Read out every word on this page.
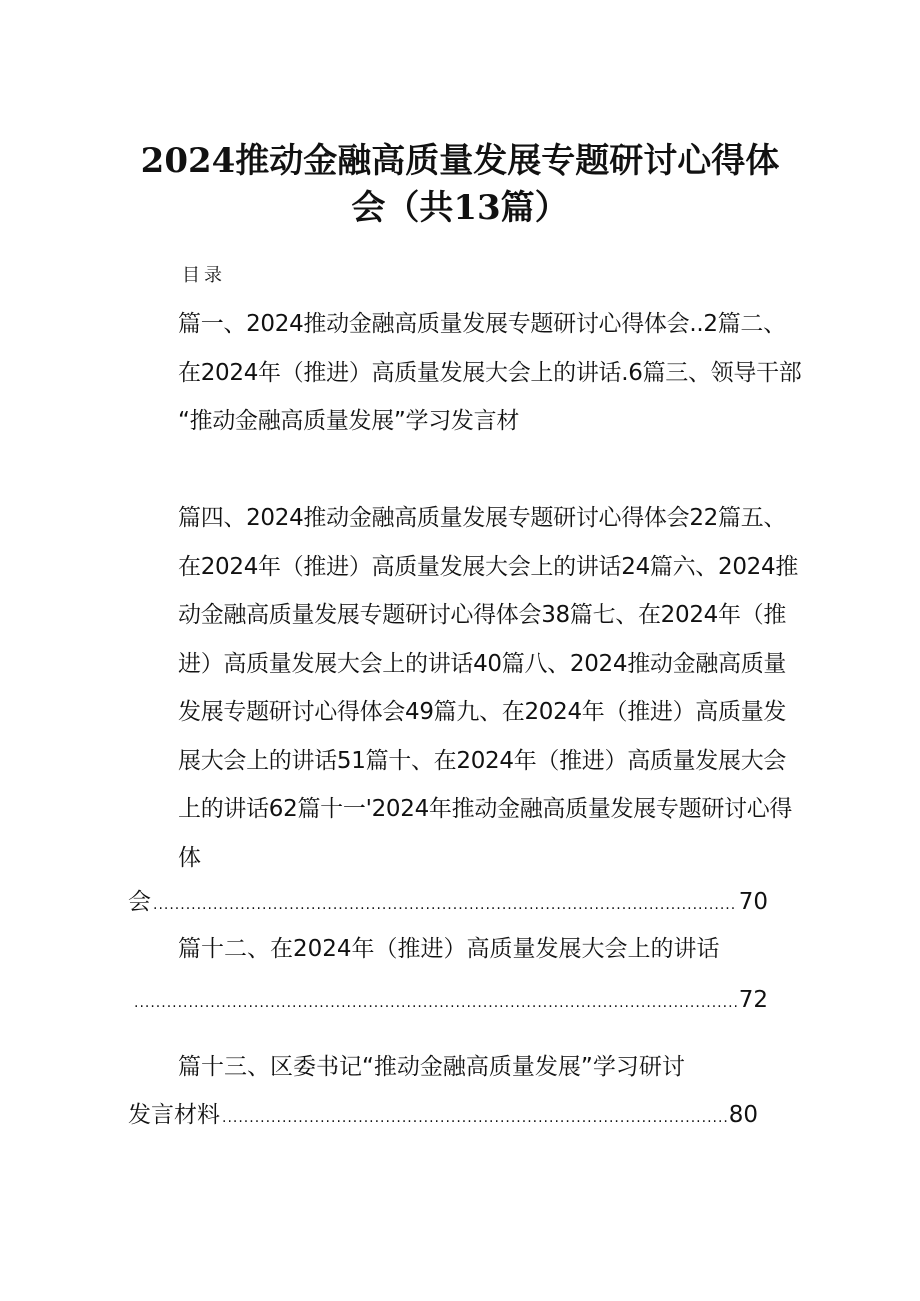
2024推动金融高质量发展专题研讨心得体
会（共13篇）
目录

篇一、2024推动金融高质量发展专题研讨心得体会..2篇二、
在2024年（推进）高质量发展大会上的讲话.6篇三、领导干部
“推动金融高质量发展”学习发言材

篇四、2024推动金融高质量发展专题研讨心得体会22篇五、
在2024年（推进）高质量发展大会上的讲话24篇六、2024推
动金融高质量发展专题研讨心得体会38篇七、在2024年（推
进）高质量发展大会上的讲话40篇八、2024推动金融高质量
发展专题研讨心得体会49篇九、在2024年（推进）高质量发
展大会上的讲话51篇十、在2024年（推进）高质量发展大会
上的讲话62篇十一'2024年推动金融高质量发展专题研讨心得
体

会 .....	70
篇十二、在2024年（推进）高质量发展大会上的讲话
.....
72
篇十三、区委书记“推动金融高质量发展”学习研讨
发言材料 .....	80
